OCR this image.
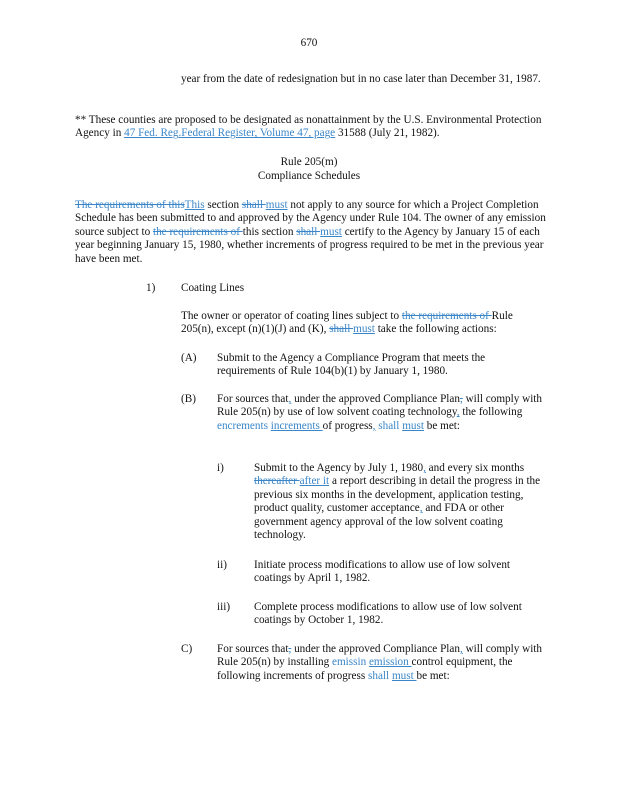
670
year from the date of redesignation but in no case later than December 31, 1987.
** These counties are proposed to be designated as nonattainment by the U.S. Environmental Protection Agency in 47 Fed. Reg.Federal Register, Volume 47, page 31588 (July 21, 1982).
Rule 205(m)
Compliance Schedules
The requirements of thisThis section shall must not apply to any source for which a Project Completion Schedule has been submitted to and approved by the Agency under Rule 104. The owner of any emission source subject to the requirements of this section shall must certify to the Agency by January 15 of each year beginning January 15, 1980, whether increments of progress required to be met in the previous year have been met.
1) Coating Lines
The owner or operator of coating lines subject to the requirements of Rule 205(n), except (n)(1)(J) and (K), shall must take the following actions:
(A) Submit to the Agency a Compliance Program that meets the requirements of Rule 104(b)(1) by January 1, 1980.
(B) For sources that, under the approved Compliance Plan, will comply with Rule 205(n) by use of low solvent coating technology, the following encrements increments of progress, shall must be met:
i)	Submit to the Agency by July 1, 1980, and every six months thereafter after it a report describing in detail the progress in the previous six months in the development, application testing, product quality, customer acceptance, and FDA or other government agency approval of the low solvent coating technology.
ii) Initiate process modifications to allow use of low solvent coatings by April 1, 1982.
iii) Complete process modifications to allow use of low solvent coatings by October 1, 1982.
C) For sources that, under the approved Compliance Plan, will comply with Rule 205(n) by installing emissin emission control equipment, the following increments of progress shall must be met:
